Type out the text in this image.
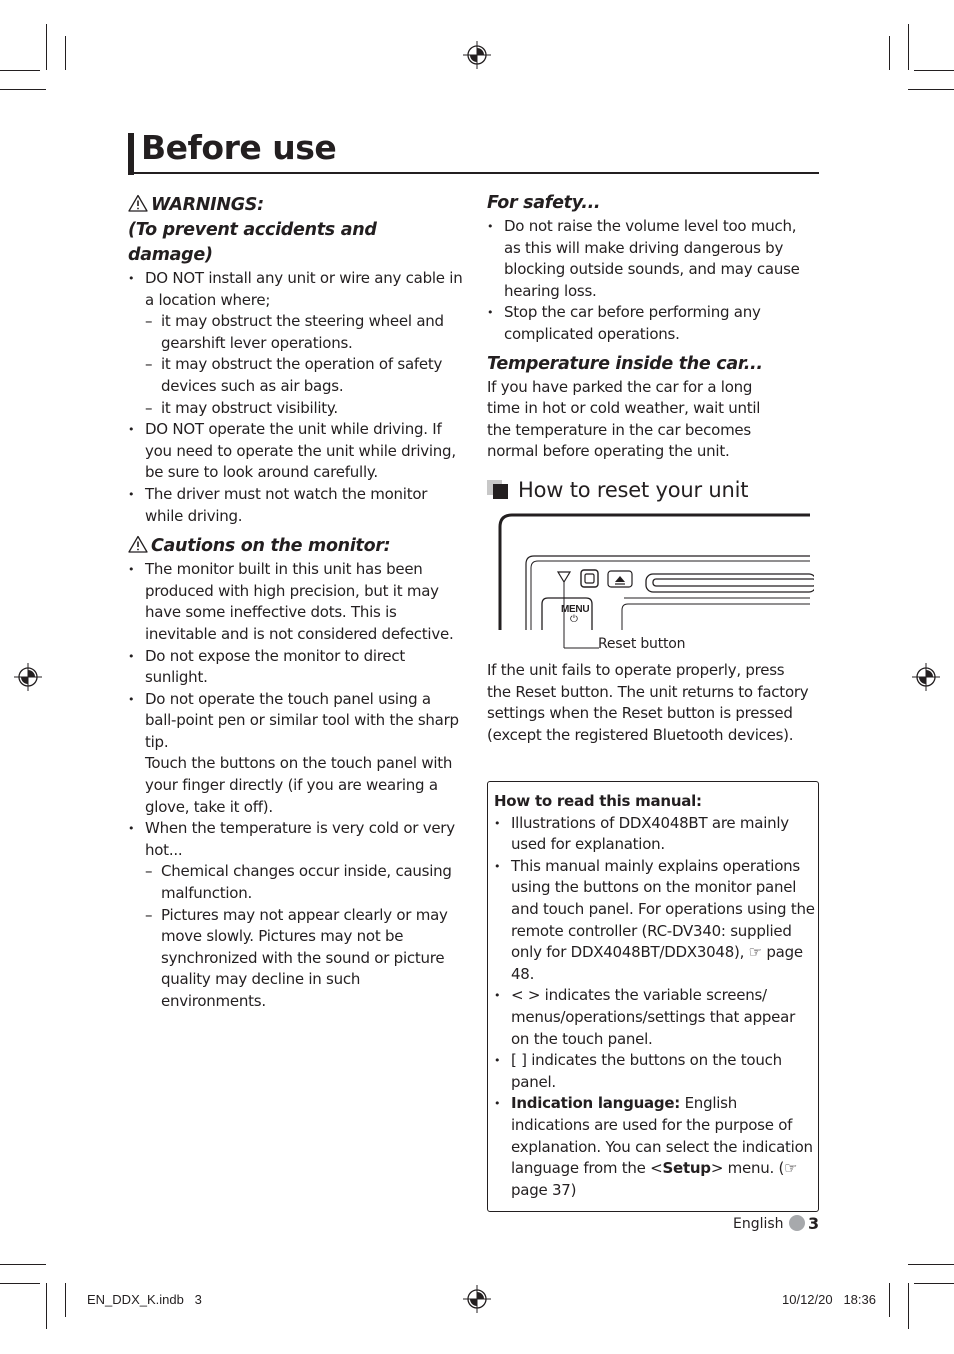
Before use
WARNINGS:
(To prevent accidents and damage)
• DO NOT install any unit or wire any cable in a location where;
– it may obstruct the steering wheel and gearshift lever operations.
– it may obstruct the operation of safety devices such as air bags.
– it may obstruct visibility.
• DO NOT operate the unit while driving. If you need to operate the unit while driving, be sure to look around carefully.
• The driver must not watch the monitor while driving.
Cautions on the monitor:
• The monitor built in this unit has been produced with high precision, but it may have some ineffective dots. This is inevitable and is not considered defective.
• Do not expose the monitor to direct sunlight.
• Do not operate the touch panel using a ball-point pen or similar tool with the sharp tip.
Touch the buttons on the touch panel with your finger directly (if you are wearing a glove, take it off).
• When the temperature is very cold or very hot...
– Chemical changes occur inside, causing malfunction.
– Pictures may not appear clearly or may move slowly. Pictures may not be synchronized with the sound or picture quality may decline in such environments.
For safety...
• Do not raise the volume level too much, as this will make driving dangerous by blocking outside sounds, and may cause hearing loss.
• Stop the car before performing any complicated operations.
Temperature inside the car...
If you have parked the car for a long time in hot or cold weather, wait until the temperature in the car becomes normal before operating the unit.
How to reset your unit
MENU
⏻
Reset button
If the unit fails to operate properly, press the Reset button. The unit returns to factory settings when the Reset button is pressed (except the registered Bluetooth devices).
How to read this manual:
• Illustrations of DDX4048BT are mainly used for explanation.
• This manual mainly explains operations using the buttons on the monitor panel and touch panel. For operations using the remote controller (RC-DV340: supplied only for DDX4048BT/DDX3048), ☞ page 48.
• < > indicates the variable screens/ menus/operations/settings that appear on the touch panel.
• [ ] indicates the buttons on the touch panel.
• Indication language: English indications are used for the purpose of explanation. You can select the indication language from the <Setup> menu. (☞ page 37)
English 3
EN_DDX_K.indb   3	10/12/20   18:36
